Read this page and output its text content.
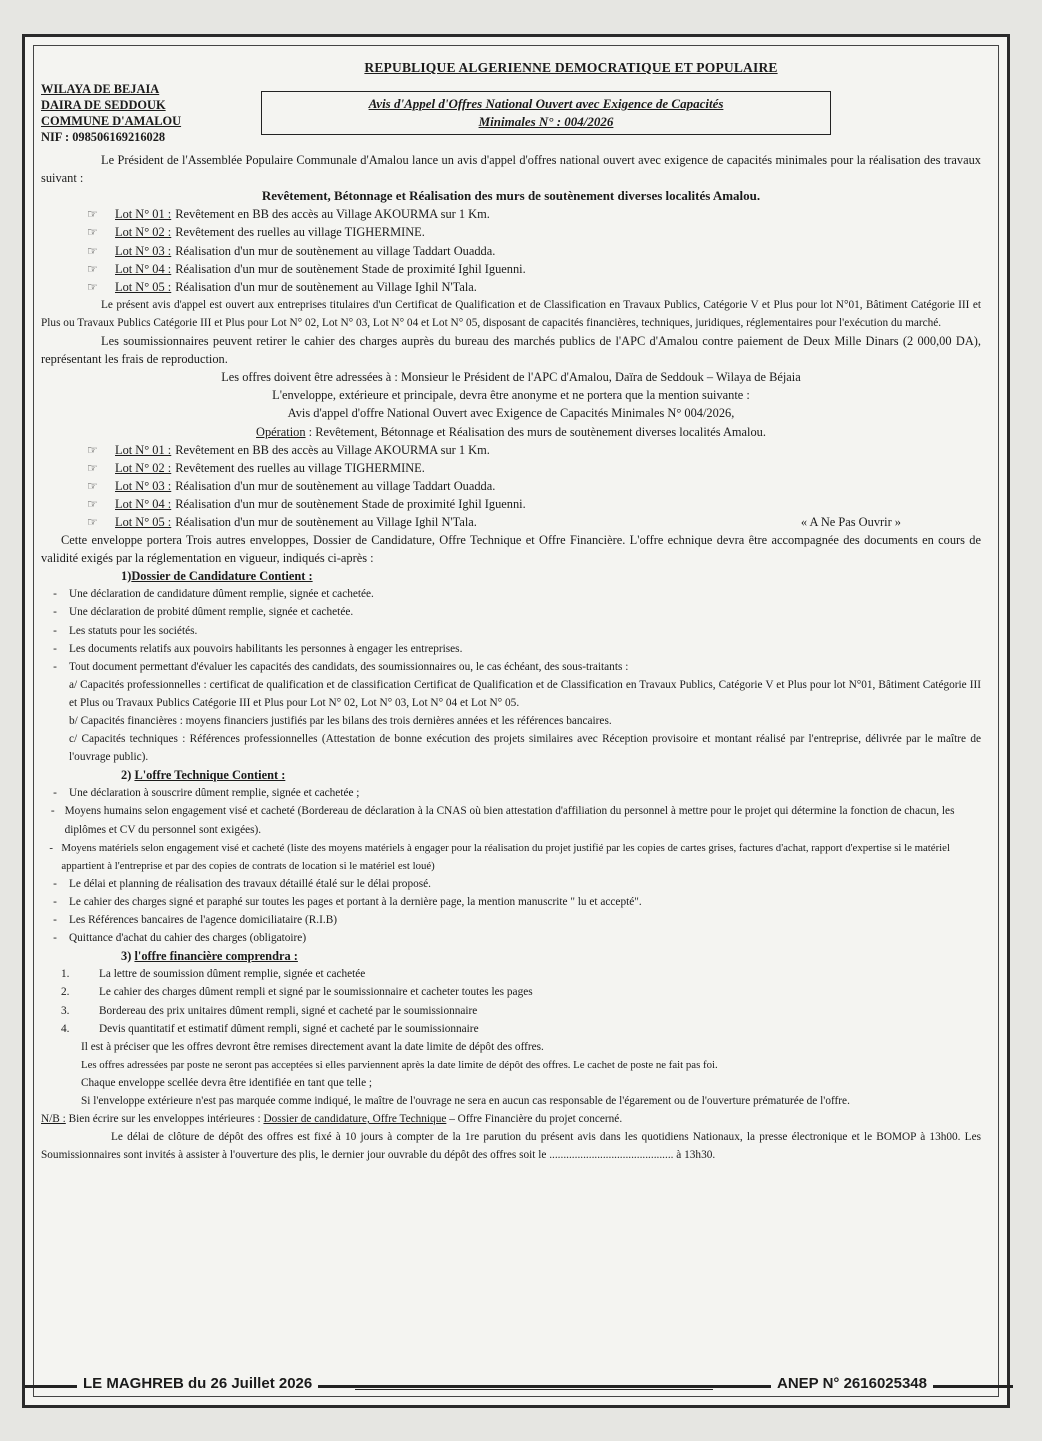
REPUBLIQUE ALGERIENNE DEMOCRATIQUE ET POPULAIRE
WILAYA DE BEJAIA
DAIRA DE SEDDOUK
COMMUNE D'AMALOU
NIF : 098506169216028
Avis d'Appel d'Offres National Ouvert avec Exigence de Capacités
Minimales N° : 004/2026

Le Président de l'Assemblée Populaire Communale d'Amalou lance un avis d'appel d'offres national ouvert avec exigence de capacités minimales pour la réalisation des travaux suivant :

Revêtement, Bétonnage et Réalisation des murs de soutènement diverses localités Amalou.

☞	Lot N° 01 : Revêtement en BB des accès au Village AKOURMA sur 1 Km.
☞	Lot N° 02 : Revêtement des ruelles au village TIGHERMINE.
☞	Lot N° 03 : Réalisation d'un mur de soutènement au village Taddart Ouadda.
☞	Lot N° 04 : Réalisation d'un mur de soutènement Stade de proximité Ighil Iguenni.
☞	Lot N° 05 : Réalisation d'un mur de soutènement au Village Ighil N'Tala.

Le présent avis d'appel est ouvert aux entreprises titulaires d'un Certificat de Qualification et de Classification en Travaux Publics, Catégorie V et Plus pour lot N°01, Bâtiment Catégorie III et Plus ou Travaux Publics Catégorie III et Plus pour Lot N° 02, Lot N° 03, Lot N° 04 et Lot N° 05, disposant de capacités financières, techniques, juridiques, réglementaires pour l'exécution du marché.

Les soumissionnaires peuvent retirer le cahier des charges auprès du bureau des marchés publics de l'APC d'Amalou contre paiement de Deux Mille Dinars (2 000,00 DA), représentant les frais de reproduction.

Les offres doivent être adressées à : Monsieur le Président de l'APC d'Amalou, Daïra de Seddouk – Wilaya de Béjaia

L'enveloppe, extérieure et principale, devra être anonyme et ne portera que la mention suivante :

Avis d'appel d'offre National Ouvert avec Exigence de Capacités Minimales N° 004/2026,

Opération : Revêtement, Bétonnage et Réalisation des murs de soutènement diverses localités Amalou.

☞	Lot N° 01 : Revêtement en BB des accès au Village AKOURMA sur 1 Km.
☞	Lot N° 02 : Revêtement des ruelles au village TIGHERMINE.
☞	Lot N° 03 : Réalisation d'un mur de soutènement au village Taddart Ouadda.
☞	Lot N° 04 : Réalisation d'un mur de soutènement Stade de proximité Ighil Iguenni.
☞	Lot N° 05 : Réalisation d'un mur de soutènement au Village Ighil N'Tala.	« A Ne Pas Ouvrir »

Cette enveloppe portera Trois autres enveloppes, Dossier de Candidature, Offre Technique et Offre Financière. L'offre echnique devra être accompagnée des documents en cours de validité exigés par la réglementation en vigueur, indiqués ci-après :

1)Dossier de Candidature Contient :
-	Une déclaration de candidature dûment remplie, signée et cachetée.
-	Une déclaration de probité dûment remplie, signée et cachetée.
-	Les statuts pour les sociétés.
-	Les documents relatifs aux pouvoirs habilitants les personnes à engager les entreprises.
-	Tout document permettant d'évaluer les capacités des candidats, des soumissionnaires ou, le cas échéant, des sous-traitants :

a/ Capacités professionnelles : certificat de qualification et de classification Certificat de Qualification et de Classification en Travaux Publics, Catégorie V et Plus pour lot N°01, Bâtiment Catégorie III et Plus ou Travaux Publics Catégorie III et Plus pour Lot N° 02, Lot N° 03, Lot N° 04 et Lot N° 05.

b/ Capacités financières : moyens financiers justifiés par les bilans des trois dernières années et les références bancaires.

c/ Capacités techniques : Références professionnelles (Attestation de bonne exécution des projets similaires avec Réception provisoire et montant réalisé par l'entreprise, délivrée par le maître de l'ouvrage public).

2) L'offre Technique Contient :
-	Une déclaration à souscrire dûment remplie, signée et cachetée ;
- Moyens humains selon engagement visé et cacheté (Bordereau de déclaration à la CNAS où bien attestation d'affiliation du personnel à mettre pour le projet qui détermine la fonction de chacun, les diplômes et CV du personnel sont exigées).
- Moyens matériels selon engagement visé et cacheté (liste des moyens matériels à engager pour la réalisation du projet justifié par les copies de cartes grises, factures d'achat, rapport d'expertise si le matériel appartient à l'entreprise et par des copies de contrats de location si le matériel est loué)
-	Le délai et planning de réalisation des travaux détaillé étalé sur le délai proposé.
-	Le cahier des charges signé et paraphé sur toutes les pages et portant à la dernière page, la mention manuscrite " lu et accepté".
-	Les Références bancaires de l'agence domiciliataire (R.I.B)
-	Quittance d'achat du cahier des charges (obligatoire)
3) l'offre financière comprendra :
1.	La lettre de soumission dûment remplie, signée et cachetée
2.	Le cahier des charges dûment rempli et signé par le soumissionnaire et cacheter toutes les pages
3.	Bordereau des prix unitaires dûment rempli, signé et cacheté par le soumissionnaire
4.	Devis quantitatif et estimatif dûment rempli, signé et cacheté par le soumissionnaire

Il est à préciser que les offres devront être remises directement avant la date limite de dépôt des offres.

Les offres adressées par poste ne seront pas acceptées si elles parviennent après la date limite de dépôt des offres. Le cachet de poste ne fait pas foi.

Chaque enveloppe scellée devra être identifiée en tant que telle ;

Si l'enveloppe extérieure n'est pas marquée comme indiqué, le maître de l'ouvrage ne sera en aucun cas responsable de l'égarement ou de l'ouverture prématurée de l'offre.

N/B : Bien écrire sur les enveloppes intérieures : Dossier de candidature, Offre Technique – Offre Financière du projet concerné.

Le délai de clôture de dépôt des offres est fixé à 10 jours à compter de la 1re parution du présent avis dans les quotidiens Nationaux, la presse électronique et le BOMOP à 13h00. Les Soumissionnaires sont invités à assister à l'ouverture des plis, le dernier jour ouvrable du dépôt des offres soit le ............................................ à 13h30.

LE MAGHREB du 26 Juillet 2026	ANEP N° 2616025348
